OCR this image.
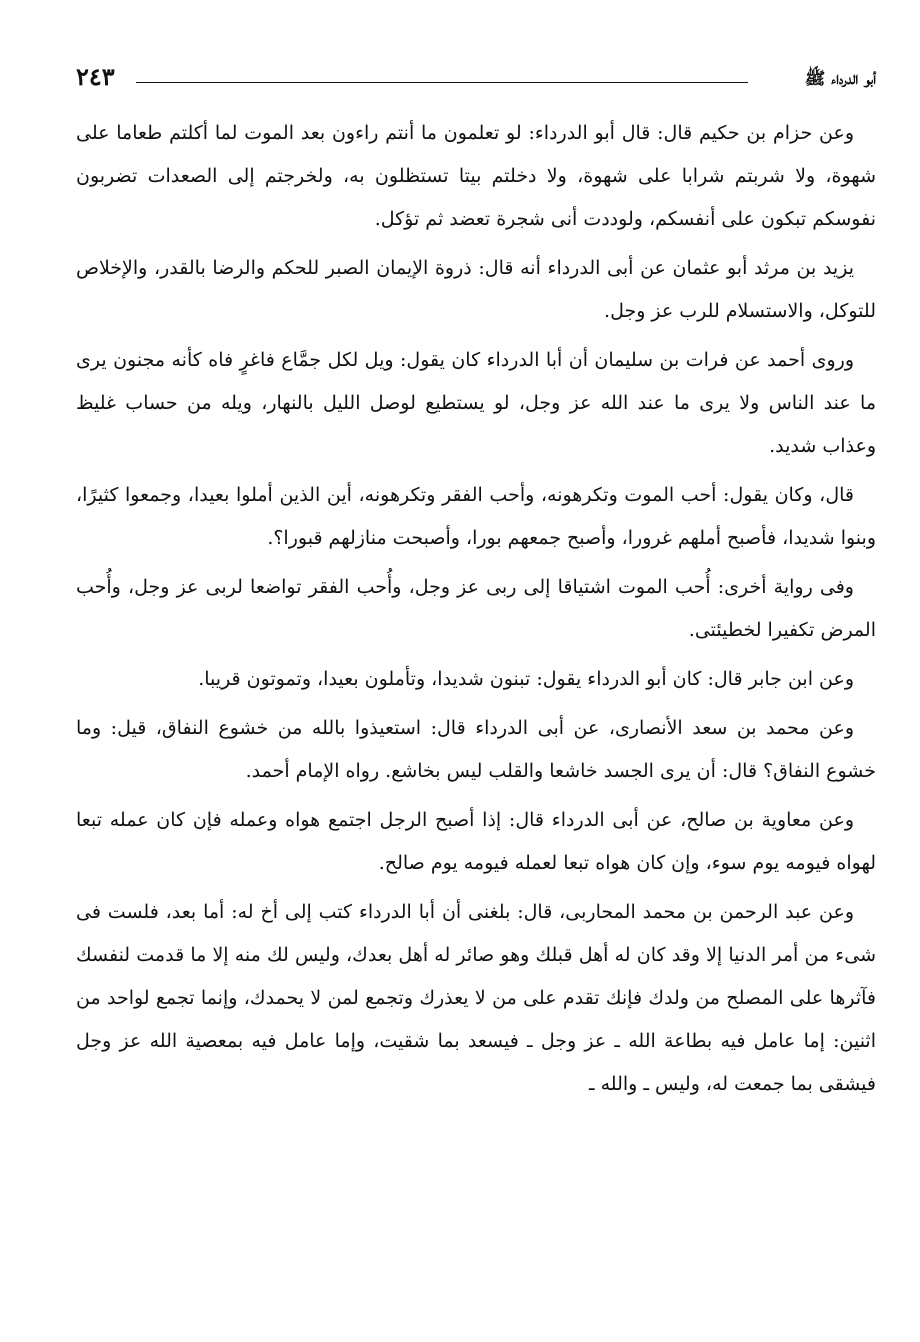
أبو الدرداء ﷺ
٢٤٣

وعن حزام بن حكيم قال: قال أبو الدرداء: لو تعلمون ما أنتم راءون بعد الموت لما أكلتم طعاما على شهوة، ولا شربتم شرابا على شهوة، ولا دخلتم بيتا تستظلون به، ولخرجتم إلى الصعدات تضربون نفوسكم تبكون على أنفسكم، ولوددت أنى شجرة تعضد ثم تؤكل.

يزيد بن مرثد أبو عثمان عن أبى الدرداء أنه قال: ذروة الإيمان الصبر للحكم والرضا بالقدر، والإخلاص للتوكل، والاستسلام للرب عز وجل.

وروى أحمد عن فرات بن سليمان أن أبا الدرداء كان يقول: ويل لكل جمَّاع فاغرٍ فاه كأنه مجنون يرى ما عند الناس ولا يرى ما عند الله عز وجل، لو يستطيع لوصل الليل بالنهار، ويله من حساب غليظ وعذاب شديد.

قال، وكان يقول: أحب الموت وتكرهونه، وأحب الفقر وتكرهونه، أين الذين أملوا بعيدا، وجمعوا كثيرًا، وبنوا شديدا، فأصبح أملهم غرورا، وأصبح جمعهم بورا، وأصبحت منازلهم قبورا؟.

وفى رواية أخرى: أُحب الموت اشتياقا إلى ربى عز وجل، وأُحب الفقر تواضعا لربى عز وجل، وأُحب المرض تكفيرا لخطيئتى.

وعن ابن جابر قال: كان أبو الدرداء يقول: تبنون شديدا، وتأملون بعيدا، وتموتون قريبا.

وعن محمد بن سعد الأنصارى، عن أبى الدرداء قال: استعيذوا بالله من خشوع النفاق، قيل: وما خشوع النفاق؟ قال: أن يرى الجسد خاشعا والقلب ليس بخاشع. رواه الإمام أحمد.

وعن معاوية بن صالح، عن أبى الدرداء قال: إذا أصبح الرجل اجتمع هواه وعمله فإن كان عمله تبعا لهواه فيومه يوم سوء، وإن كان هواه تبعا لعمله فيومه يوم صالح.

وعن عبد الرحمن بن محمد المحاربى، قال: بلغنى أن أبا الدرداء كتب إلى أخ له: أما بعد، فلست فى شىء من أمر الدنيا إلا وقد كان له أهل قبلك وهو صائر له أهل بعدك، وليس لك منه إلا ما قدمت لنفسك فآثرها على المصلح من ولدك فإنك تقدم على من لا يعذرك وتجمع لمن لا يحمدك، وإنما تجمع لواحد من اثنين: إما عامل فيه بطاعة الله ـ عز وجل ـ فيسعد بما شقيت، وإما عامل فيه بمعصية الله عز وجل فيشقى بما جمعت له، وليس ـ والله ـ
